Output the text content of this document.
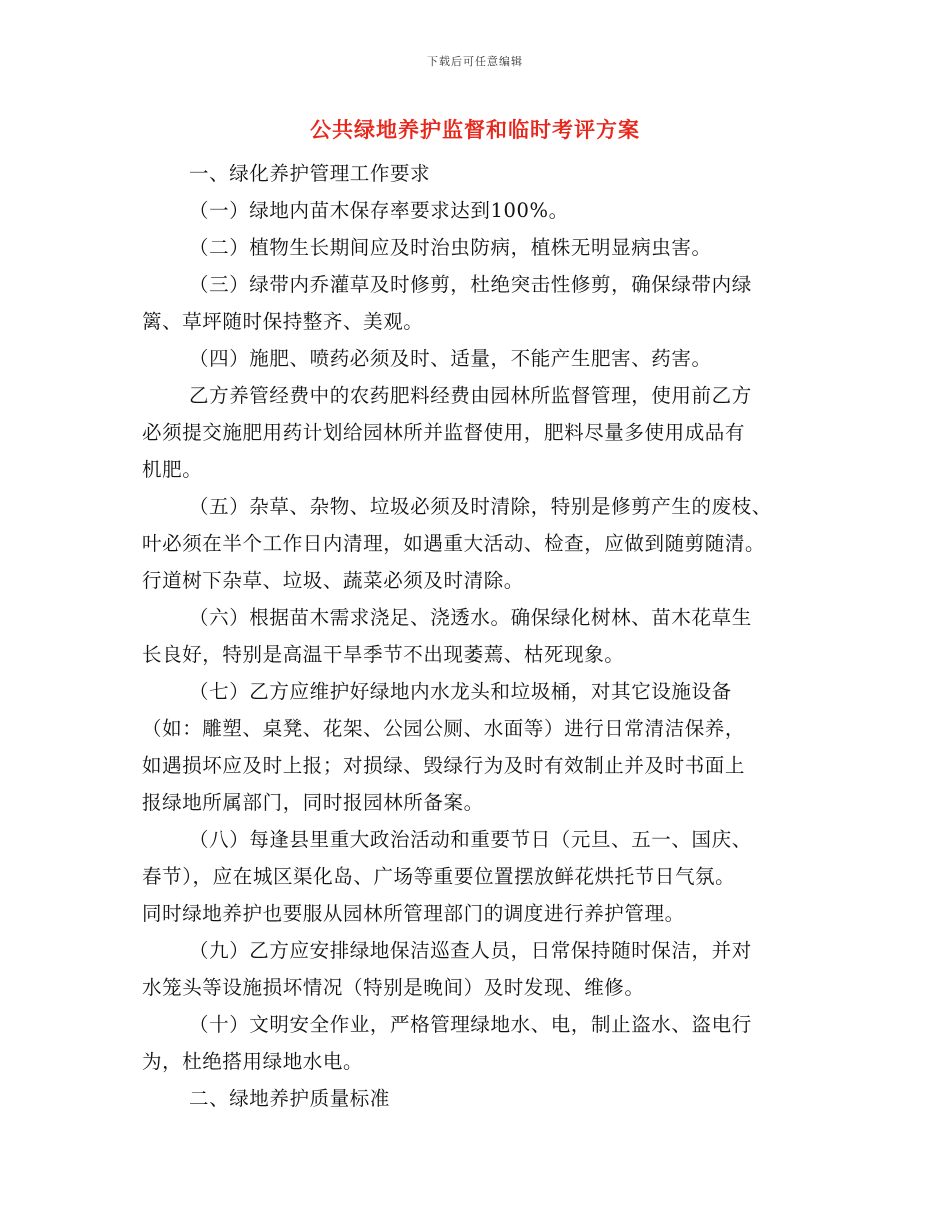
下载后可任意编辑
公共绿地养护监督和临时考评方案
一、绿化养护管理工作要求
（一）绿地内苗木保存率要求达到100%。
（二）植物生长期间应及时治虫防病，植株无明显病虫害。
（三）绿带内乔灌草及时修剪，杜绝突击性修剪，确保绿带内绿
篱、草坪随时保持整齐、美观。
（四）施肥、喷药必须及时、适量，不能产生肥害、药害。
乙方养管经费中的农药肥料经费由园林所监督管理，使用前乙方
必须提交施肥用药计划给园林所并监督使用，肥料尽量多使用成品有
机肥。
（五）杂草、杂物、垃圾必须及时清除，特别是修剪产生的废枝、
叶必须在半个工作日内清理，如遇重大活动、检查，应做到随剪随清。
行道树下杂草、垃圾、蔬菜必须及时清除。
（六）根据苗木需求浇足、浇透水。确保绿化树林、苗木花草生
长良好，特别是高温干旱季节不出现萎蔫、枯死现象。
（七）乙方应维护好绿地内水龙头和垃圾桶，对其它设施设备
（如：雕塑、桌凳、花架、公园公厕、水面等）进行日常清洁保养，
如遇损坏应及时上报；对损绿、毁绿行为及时有效制止并及时书面上
报绿地所属部门，同时报园林所备案。
（八）每逢县里重大政治活动和重要节日（元旦、五一、国庆、
春节），应在城区渠化岛、广场等重要位置摆放鲜花烘托节日气氛。
同时绿地养护也要服从园林所管理部门的调度进行养护管理。
（九）乙方应安排绿地保洁巡查人员，日常保持随时保洁，并对
水笼头等设施损坏情况（特别是晚间）及时发现、维修。
（十）文明安全作业，严格管理绿地水、电，制止盗水、盗电行
为，杜绝搭用绿地水电。
二、绿地养护质量标准
